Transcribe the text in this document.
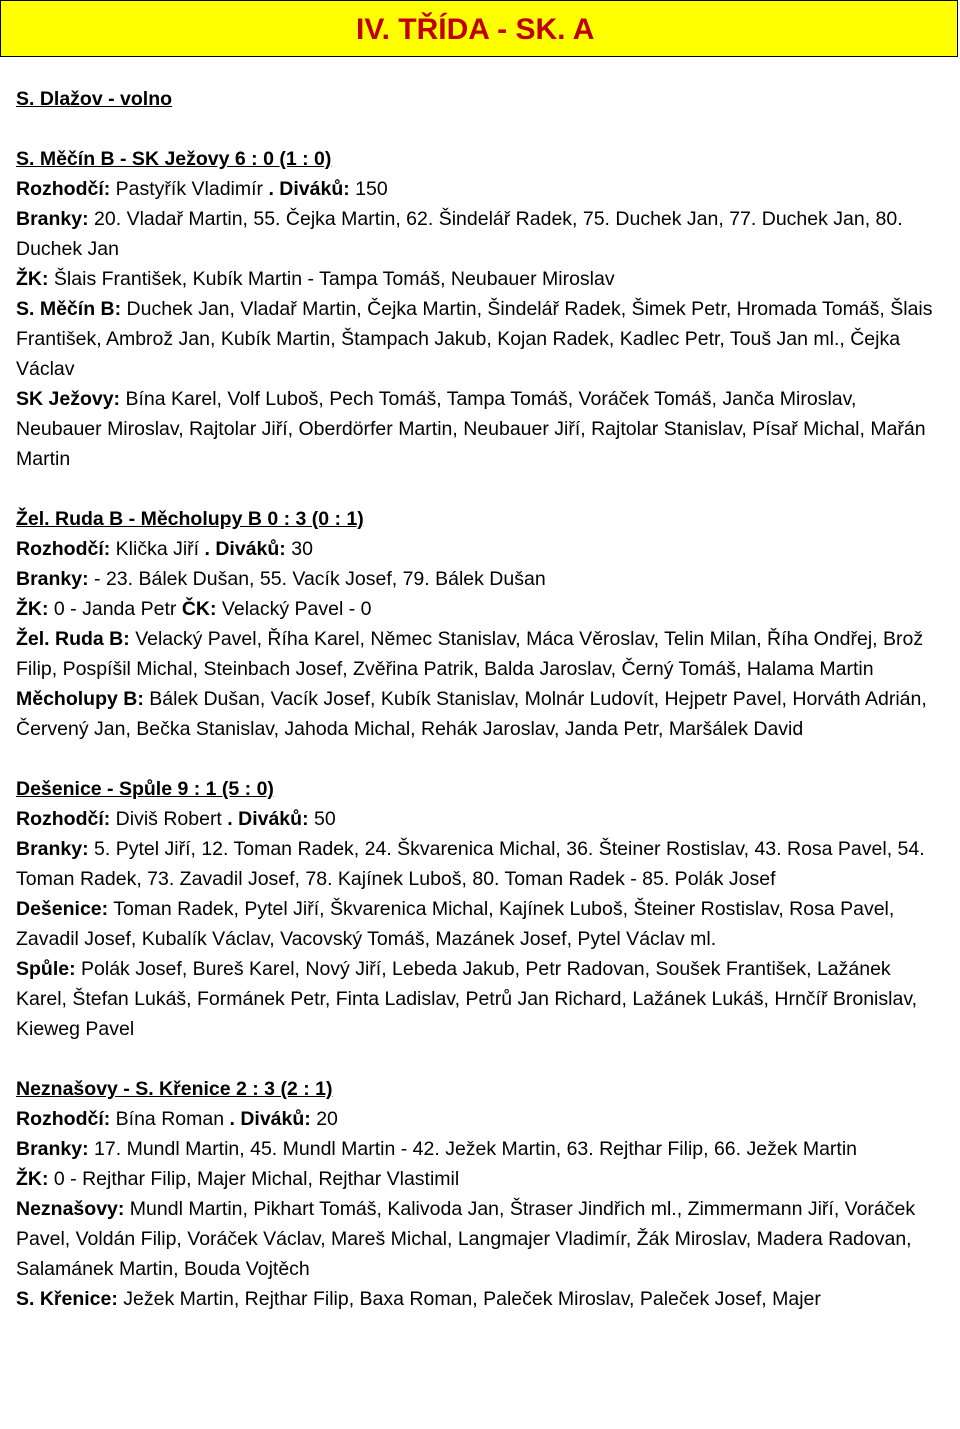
IV. TŘÍDA - SK. A

S. Dlažov - volno

S. Měčín B - SK Ježovy 6 : 0 (1 : 0)

Rozhodčí: Pastyřík Vladimír . Diváků: 150

Branky: 20. Vladař Martin, 55. Čejka Martin, 62. Šindelář Radek, 75. Duchek Jan, 77. Duchek Jan, 80. Duchek Jan

ŽK: Šlais František, Kubík Martin - Tampa Tomáš, Neubauer Miroslav

S. Měčín B: Duchek Jan, Vladař Martin, Čejka Martin, Šindelář Radek, Šimek Petr, Hromada Tomáš, Šlais František, Ambrož Jan, Kubík Martin, Štampach Jakub, Kojan Radek, Kadlec Petr, Touš Jan ml., Čejka Václav

SK Ježovy: Bína Karel, Volf Luboš, Pech Tomáš, Tampa Tomáš, Voráček Tomáš, Janča Miroslav, Neubauer Miroslav, Rajtolar Jiří, Oberdörfer Martin, Neubauer Jiří, Rajtolar Stanislav, Písař Michal, Mařán Martin

Žel. Ruda B - Měcholupy B 0 : 3 (0 : 1)

Rozhodčí: Klička Jiří . Diváků: 30

Branky: - 23. Bálek Dušan, 55. Vacík Josef, 79. Bálek Dušan

ŽK: 0 - Janda Petr ČK: Velacký Pavel - 0

Žel. Ruda B: Velacký Pavel, Říha Karel, Němec Stanislav, Máca Věroslav, Telin Milan, Říha Ondřej, Brož Filip, Pospíšil Michal, Steinbach Josef, Zvěřina Patrik, Balda Jaroslav, Černý Tomáš, Halama Martin

Měcholupy B: Bálek Dušan, Vacík Josef, Kubík Stanislav, Molnár Ludovít, Hejpetr Pavel, Horváth Adrián, Červený Jan, Bečka Stanislav, Jahoda Michal, Rehák Jaroslav, Janda Petr, Maršálek David

Dešenice - Spůle 9 : 1 (5 : 0)

Rozhodčí: Diviš Robert . Diváků: 50

Branky: 5. Pytel Jiří, 12. Toman Radek, 24. Škvarenica Michal, 36. Šteiner Rostislav, 43. Rosa Pavel, 54. Toman Radek, 73. Zavadil Josef, 78. Kajínek Luboš, 80. Toman Radek - 85. Polák Josef

Dešenice: Toman Radek, Pytel Jiří, Škvarenica Michal, Kajínek Luboš, Šteiner Rostislav, Rosa Pavel, Zavadil Josef, Kubalík Václav, Vacovský Tomáš, Mazánek Josef, Pytel Václav ml.

Spůle: Polák Josef, Bureš Karel, Nový Jiří, Lebeda Jakub, Petr Radovan, Soušek František, Lažánek Karel, Štefan Lukáš, Formánek Petr, Finta Ladislav, Petrů Jan Richard, Lažánek Lukáš, Hrnčíř Bronislav, Kieweg Pavel

Neznašovy - S. Křenice 2 : 3 (2 : 1)

Rozhodčí: Bína Roman . Diváků: 20

Branky: 17. Mundl Martin, 45. Mundl Martin - 42. Ježek Martin, 63. Rejthar Filip, 66. Ježek Martin

ŽK: 0 - Rejthar Filip, Majer Michal, Rejthar Vlastimil

Neznašovy: Mundl Martin, Pikhart Tomáš, Kalivoda Jan, Štraser Jindřich ml., Zimmermann Jiří, Voráček Pavel, Voldán Filip, Voráček Václav, Mareš Michal, Langmajer Vladimír, Žák Miroslav, Madera Radovan, Salamánek Martin, Bouda Vojtěch

S. Křenice: Ježek Martin, Rejthar Filip, Baxa Roman, Paleček Miroslav, Paleček Josef, Majer
